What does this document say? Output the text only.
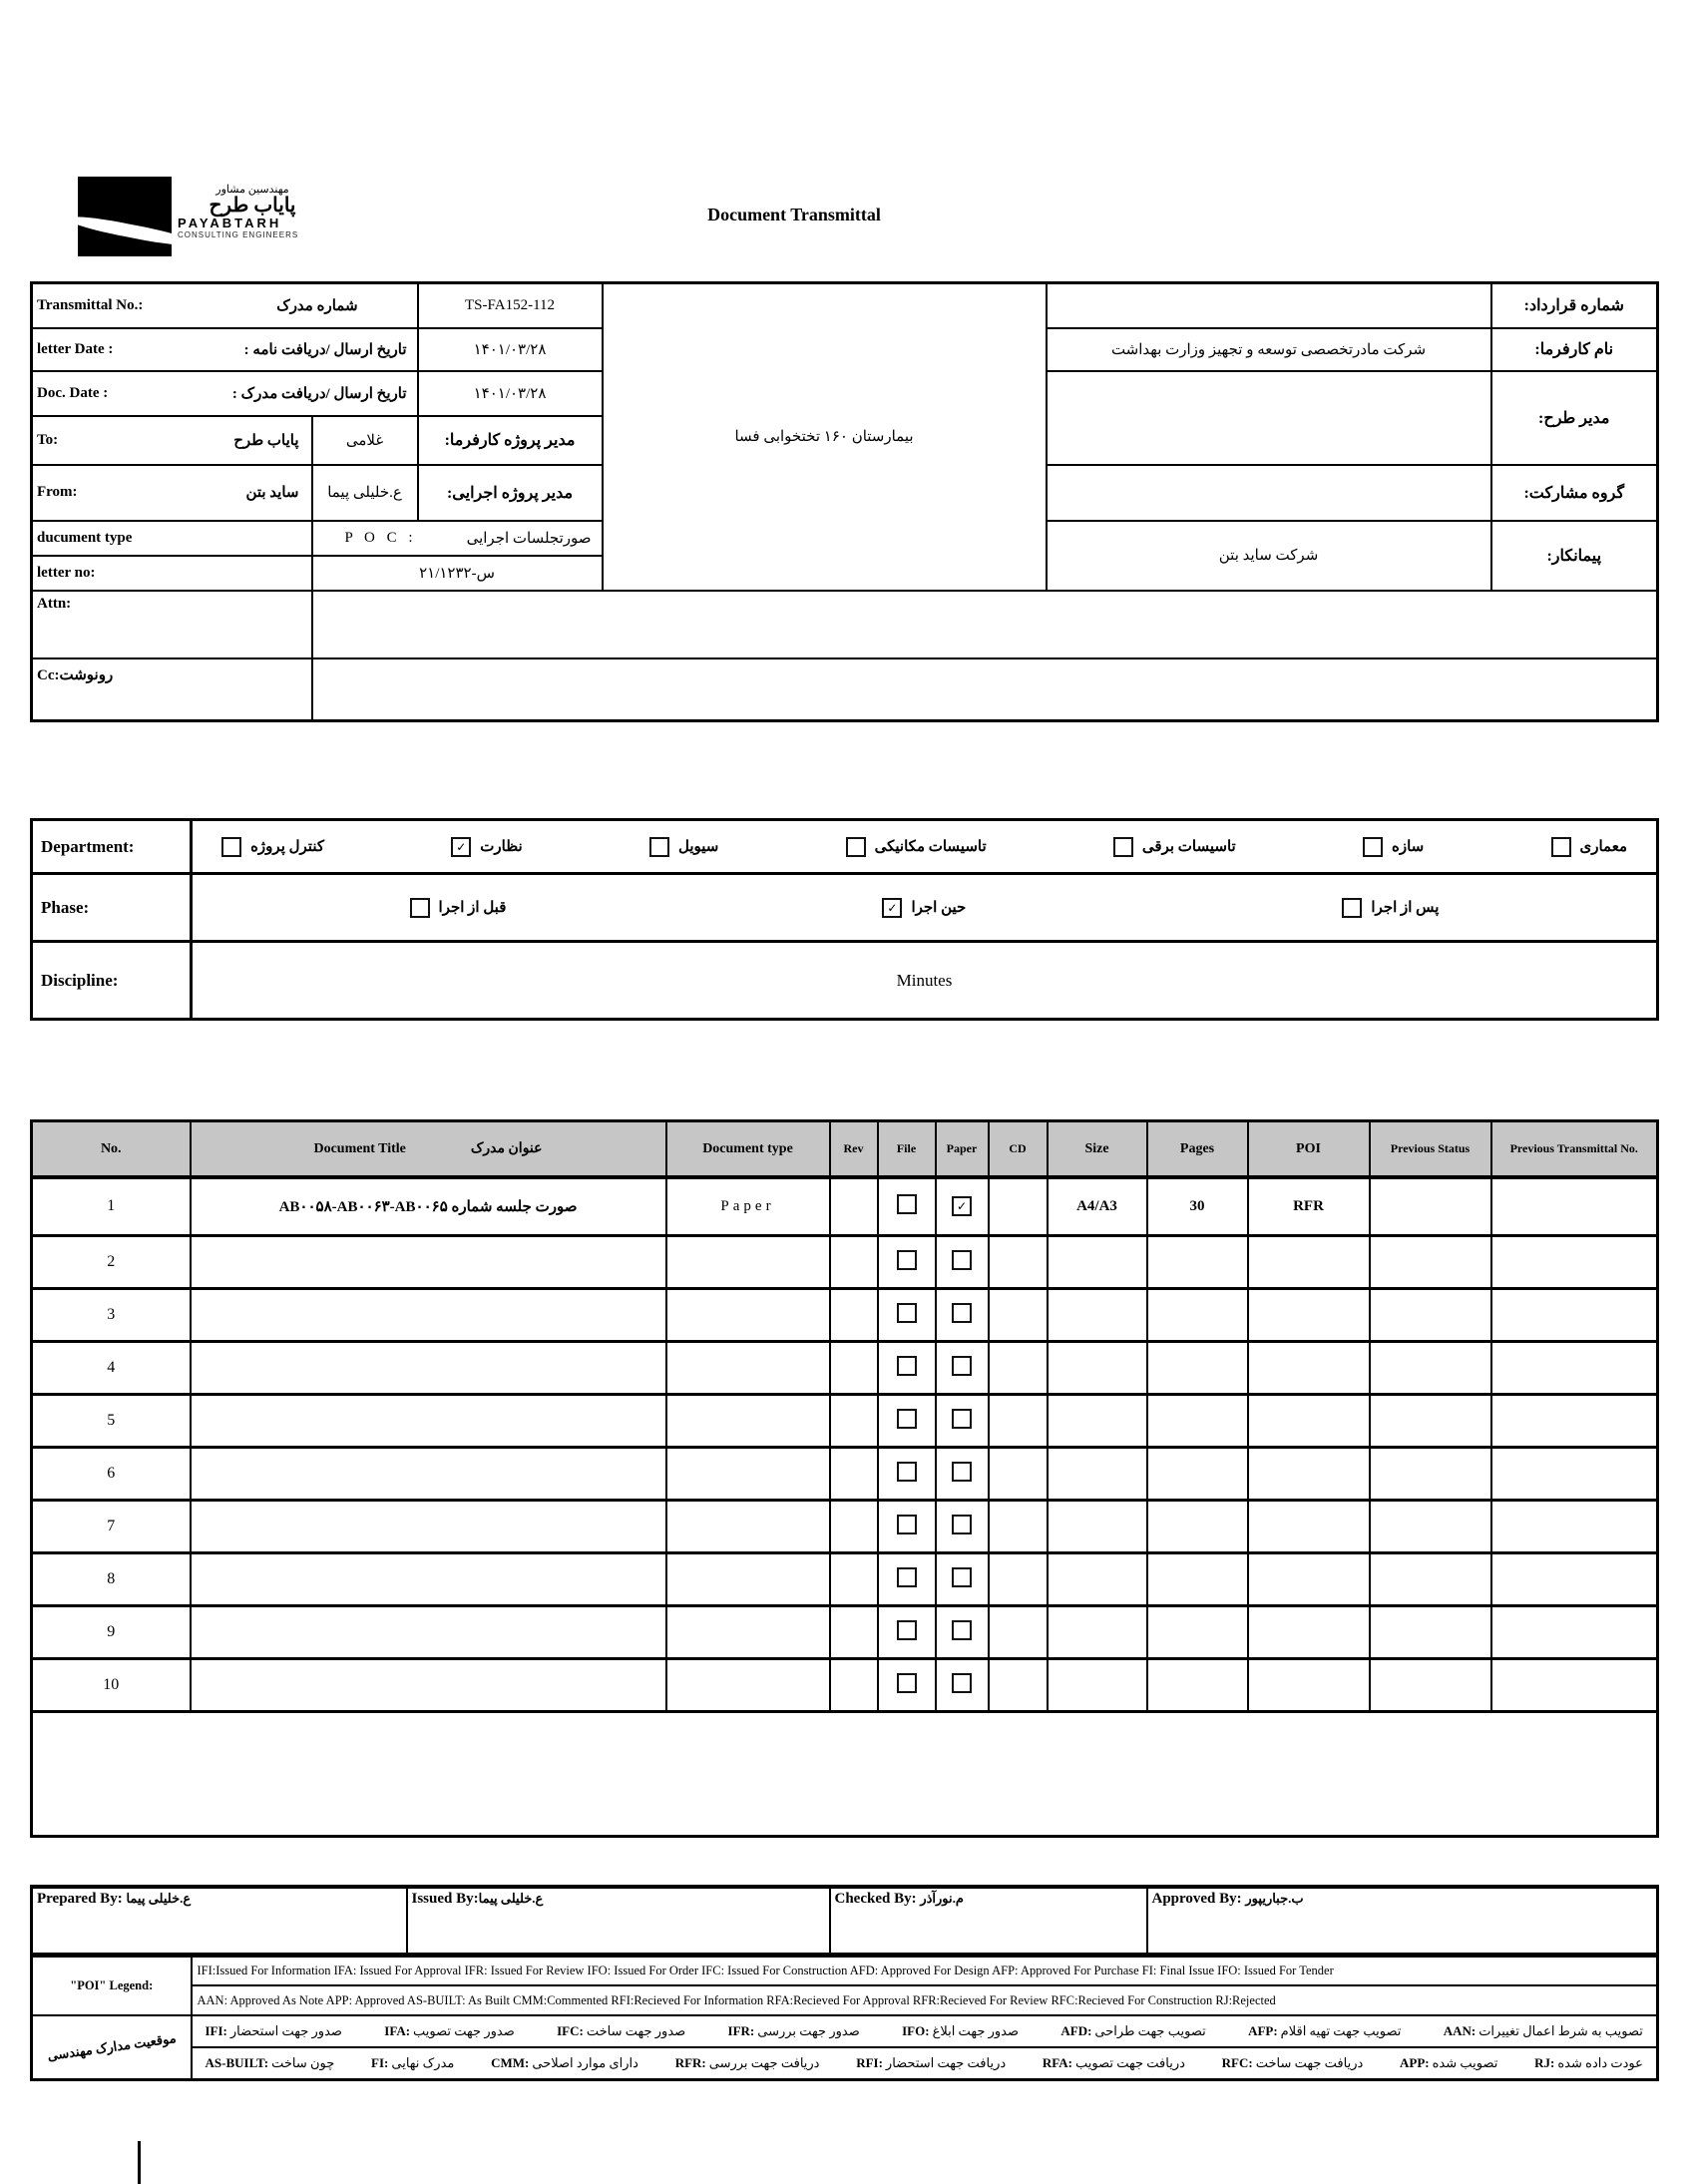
مهندسین مشاور
پایاب طرح
PAYABTARH
CONSULTING ENGINEERS
Document Transmittal
Transmittal No.: شماره مدرک		TS-FA152-112	بیمارستان ۱۶۰ تختخوابی فسا		شماره قرارداد:

letter Date : تاریخ ارسال /دریافت نامه :		۱۴۰۱/۰۳/۲۸		شرکت مادرتخصصی توسعه و تجهیز وزارت بهداشت	نام کارفرما:

Doc. Date : تاریخ ارسال /دریافت مدرک :		۱۴۰۱/۰۳/۲۸			مدیر طرح:

To: پایاب طرح	غلامی	مدیر پروژه کارفرما:			

From: ساید بتن	ع.خلیلی پیما	مدیر پروژه اجرایی:			گروه مشارکت:
ducument type	P O C : صورتجلسات اجرایی			شرکت ساید بتن	پیمانکار:
letter no:	۲۱/۱۲۳۲-س				
Attn:					
Cc:رونوشت					
Department:	معماری
سازه
تاسیسات برقی
تاسیسات مکانیکی
سیویل
نظارت
✓
کنترل پروژه

Phase:	پس از اجرا
حین اجرا
✓
قبل از اجرا

Discipline:	Minutes
No.	Document Title عنوان مدرک	Document type	Rev	File	Paper	CD	Size	Pages	POI	Previous Status	Previous Transmittal No.
1	صورت جلسه شماره AB۰۰۵۸-AB۰۰۶۳-AB۰۰۶۵	Paper			✓		A4/A3	30	RFR		
2											
3											
4											
5											
6											
7											
8											
9											
10											

Prepared By: ع.خلیلی پیما	Issued By:ع.خلیلی پیما	Checked By: م.نورآذر	Approved By: ب.جباریپور
"POI" Legend:	IFI:Issued For Information IFA: Issued For Approval IFR: Issued For Review IFO: Issued For Order IFC: Issued For Construction AFD: Approved For Design AFP: Approved For Purchase FI: Final Issue IFO: Issued For Tender
	AAN: Approved As Note APP: Approved AS-BUILT: As Built CMM:Commented RFI:Recieved For Information RFA:Recieved For Approval RFR:Recieved For Review RFC:Recieved For Construction RJ:Rejected
موقعیت مدارک مهندسی	IFI: صدور جهت استحضار	IFA: صدور جهت تصویب	IFC: صدور جهت ساخت	IFR: صدور جهت بررسی	IFO: صدور جهت ابلاغ	AFD: تصویب جهت طراحی	AFP: تصویب جهت تهیه اقلام	AAN: تصویب به شرط اعمال تغییرات

AS-BUILT: چون ساخت	FI: مدرک نهایی	CMM: دارای موارد اصلاحی	RFR: دریافت جهت بررسی	RFI: دریافت جهت استحضار	RFA: دریافت جهت تصویب	RFC: دریافت جهت ساخت	APP: تصویب شده	RJ: عودت داده شده
